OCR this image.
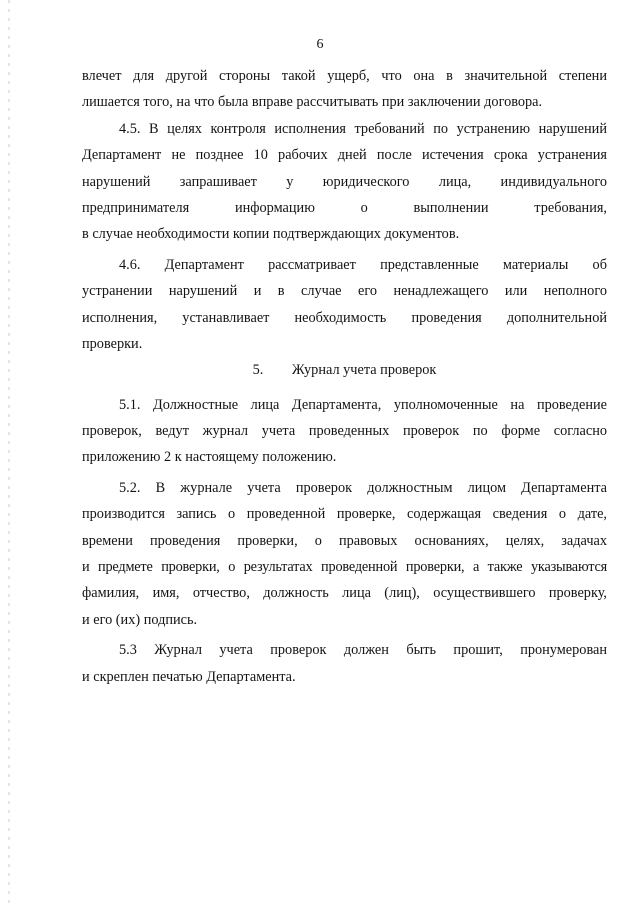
6
влечет для другой стороны такой ущерб, что она в значительной степени
лишается того, на что была вправе рассчитывать при заключении договора.
4.5. В целях контроля исполнения требований по устранению нарушений
Департамент не позднее 10 рабочих дней после истечения срока устранения
нарушений запрашивает у юридического лица, индивидуального
предпринимателя информацию о выполнении требования,
в случае необходимости копии подтверждающих документов.
4.6. Департамент рассматривает представленные материалы об
устранении нарушений и в случае его ненадлежащего или неполного
исполнения, устанавливает необходимость проведения дополнительной
проверки.
5.        Журнал учета проверок
5.1. Должностные лица Департамента, уполномоченные на проведение
проверок, ведут журнал учета проведенных проверок по форме согласно
приложению 2 к настоящему положению.
5.2. В журнале учета проверок должностным лицом Департамента
производится запись о проведенной проверке, содержащая сведения о дате,
времени проведения проверки, о правовых основаниях, целях, задачах
и предмете проверки, о результатах проведенной проверки, а также указываются
фамилия, имя, отчество, должность лица (лиц), осуществившего проверку,
и его (их) подпись.
5.3 Журнал учета проверок должен быть прошит, пронумерован
и скреплен печатью Департамента.
